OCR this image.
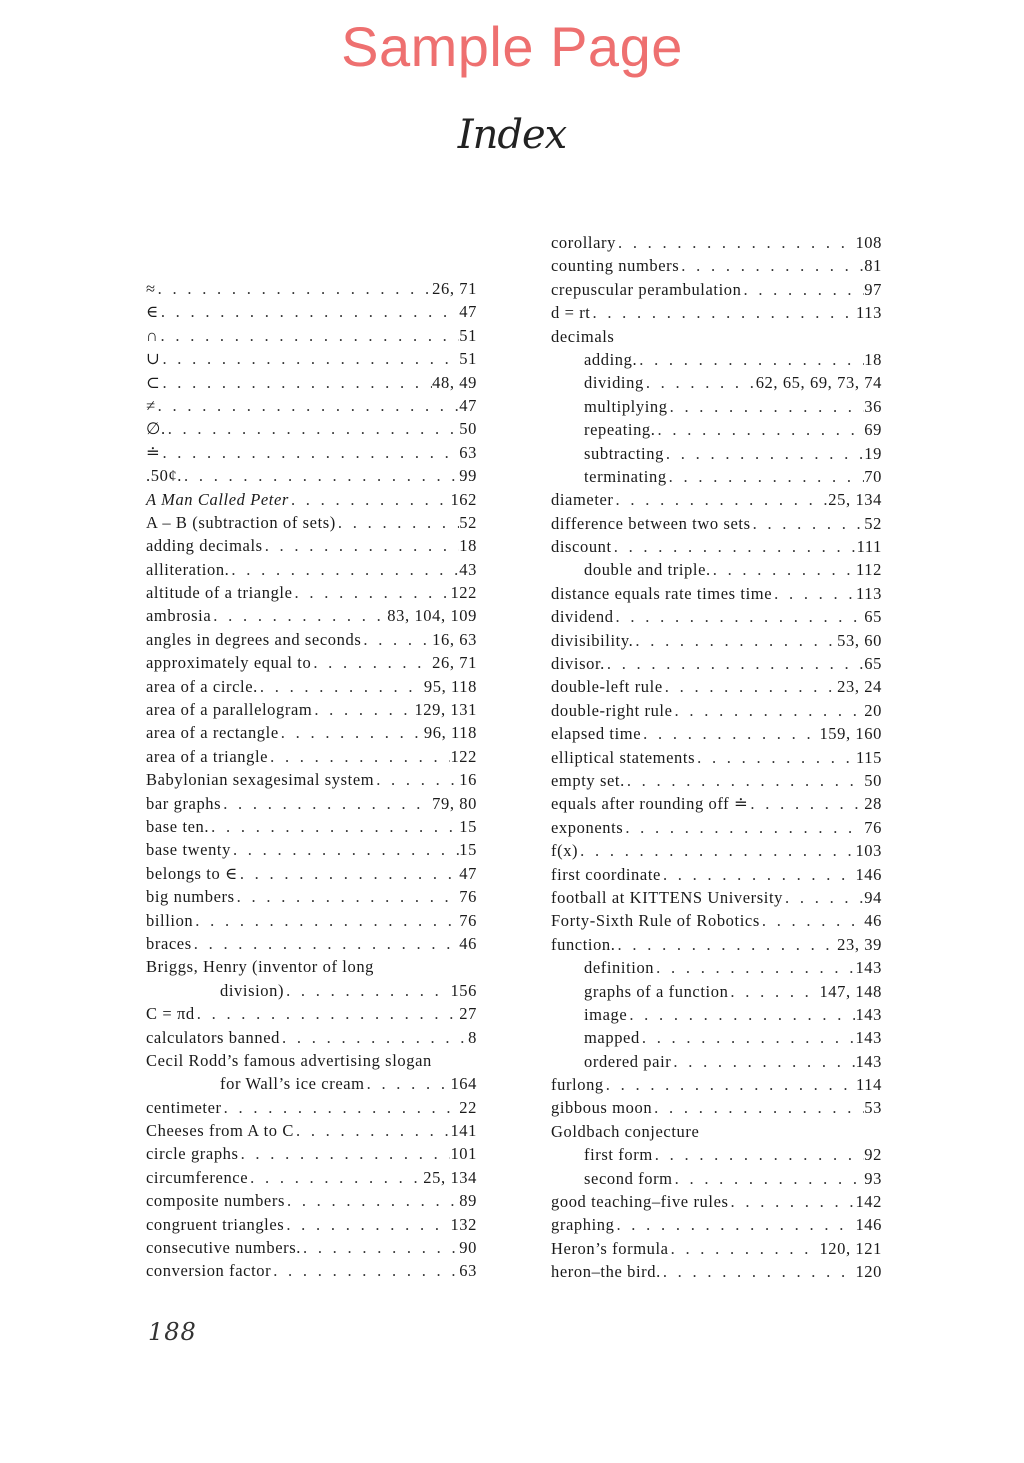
Sample Page
Index
≈ . . .	26, 71
∈ . . .	47
∩ . . .	51
∪ . . .	51
⊂ . . .	48, 49
≠ . . .	47
∅. . . .	50
≐ . . .	63
.50¢. . . .	99
A Man Called Peter . . .	162
A – B (subtraction of sets) . . .	52
adding decimals . . .	18
alliteration. . . .	43
altitude of a triangle . . .	122
ambrosia . . .	83, 104, 109
angles in degrees and seconds . . .	16, 63
approximately equal to . . .	26, 71
area of a circle. . . .	95, 118
area of a parallelogram . . .	129, 131
area of a rectangle . . .	96, 118
area of a triangle . . .	122
Babylonian sexagesimal system . . .	16
bar graphs . . .	79, 80
base ten. . . .	15
base twenty . . .	15
belongs to ∈ . . .	47
big numbers . . .	76
billion . . .	76
braces . . .	46
Briggs, Henry (inventor of long
division) . . .	156
C = πd . . .	27
calculators banned . . .	8
Cecil Rodd’s famous advertising slogan
for Wall’s ice cream . . .	164
centimeter . . .	22
Cheeses from A to C . . .	141
circle graphs . . .	101
circumference . . .	25, 134
composite numbers . . .	89
congruent triangles . . .	132
consecutive numbers. . . .	90
conversion factor . . .	63
corollary . . .	108
counting numbers . . .	81
crepuscular perambulation . . .	97
d = rt . . .	113
decimals
adding. . . .	18
dividing . . .	62, 65, 69, 73, 74
multiplying . . .	36
repeating. . . .	69
subtracting . . .	19
terminating . . .	70
diameter . . .	25, 134
difference between two sets . . .	52
discount . . .	111
double and triple. . . .	112
distance equals rate times time . . .	113
dividend . . .	65
divisibility. . . .	53, 60
divisor. . . .	65
double-left rule . . .	23, 24
double-right rule . . .	20
elapsed time . . .	159, 160
elliptical statements . . .	115
empty set. . . .	50
equals after rounding off ≐ . . .	28
exponents . . .	76
f(x) . . .	103
first coordinate . . .	146
football at KITTENS University . . .	94
Forty-Sixth Rule of Robotics . . .	46
function. . . .	23, 39
definition . . .	143
graphs of a function . . .	147, 148
image . . .	143
mapped . . .	143
ordered pair . . .	143
furlong . . .	114
gibbous moon . . .	53
Goldbach conjecture
first form . . .	92
second form . . .	93
good teaching–five rules . . .	142
graphing . . .	146
Heron’s formula . . .	120, 121
heron–the bird. . . .	120
188
